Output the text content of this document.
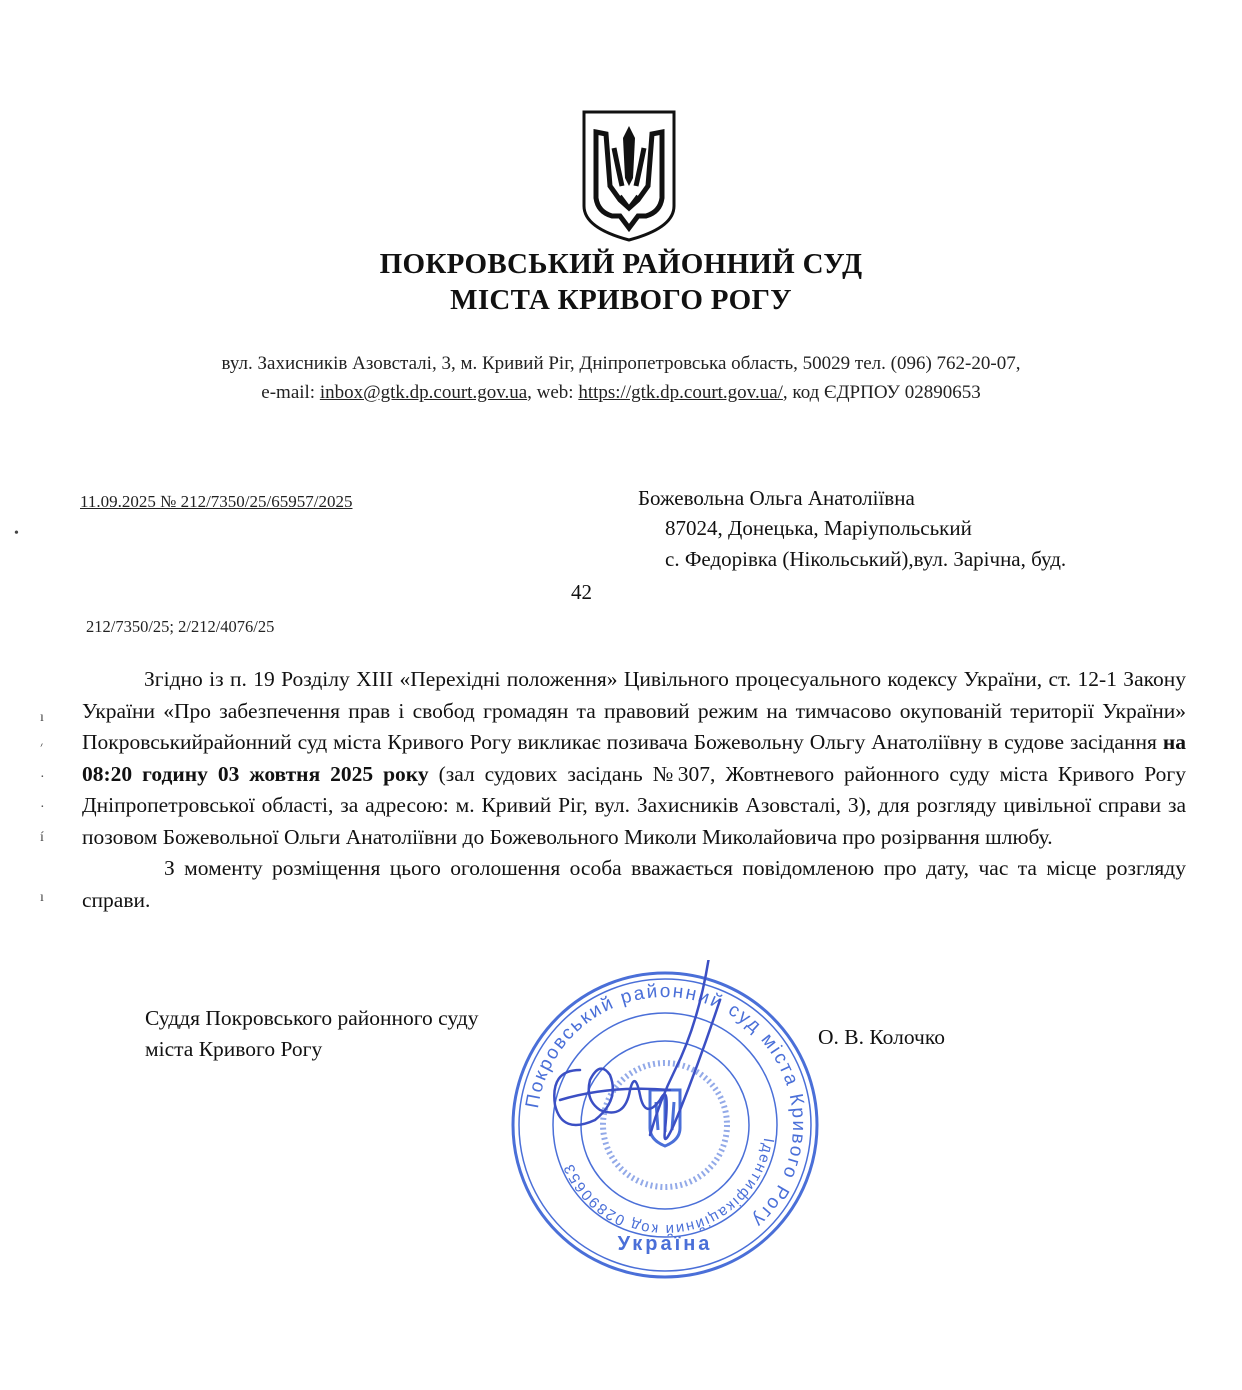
ПОКРОВСЬКИЙ РАЙОННИЙ СУД
МІСТА КРИВОГО РОГУ
вул. Захисників Азовсталі, 3, м. Кривий Ріг, Дніпропетровська область, 50029 тел. (096) 762-20-07,
e-mail: inbox@gtk.dp.court.gov.ua, web: https://gtk.dp.court.gov.ua/, код ЄДРПОУ 02890653
11.09.2025 № 212/7350/25/65957/2025	Божевольна Ольга Анатоліївна
87024, Донецька, Маріупольський
с. Федорівка (Нікольський),вул. Зарічна, буд.
42
212/7350/25; 2/212/4076/25
•
ı
׳
·
·
í
ı

Згідно із п. 19 Розділу XIII «Перехідні положення» Цивільного процесуального кодексу України, ст. 12-1 Закону України «Про забезпечення прав і свобод громадян та правовий режим на тимчасово окупованій території України» Покровськийрайонний суд міста Кривого Рогу викликає позивача Божевольну Ольгу Анатоліївну в судове засідання на 08:20 годину 03 жовтня 2025 року (зал судових засідань №307, Жовтневого районного суду міста Кривого Рогу Дніпропетровської області, за адресою: м. Кривий Ріг, вул. Захисників Азовсталі, 3), для розгляду цивільної справи за позовом Божевольної Ольги Анатоліївни до Божевольного Миколи Миколайовича про розірвання шлюбу.

З моменту розміщення цього оголошення особа вважається повідомленою про дату, час та місце розгляду справи.

Суддя Покровського районного суду
міста Кривого Рогу	О. В. Колочко
Покровський районний суд міста Кривого Рогу
Ідентифікаційний код 02890653
Україна
